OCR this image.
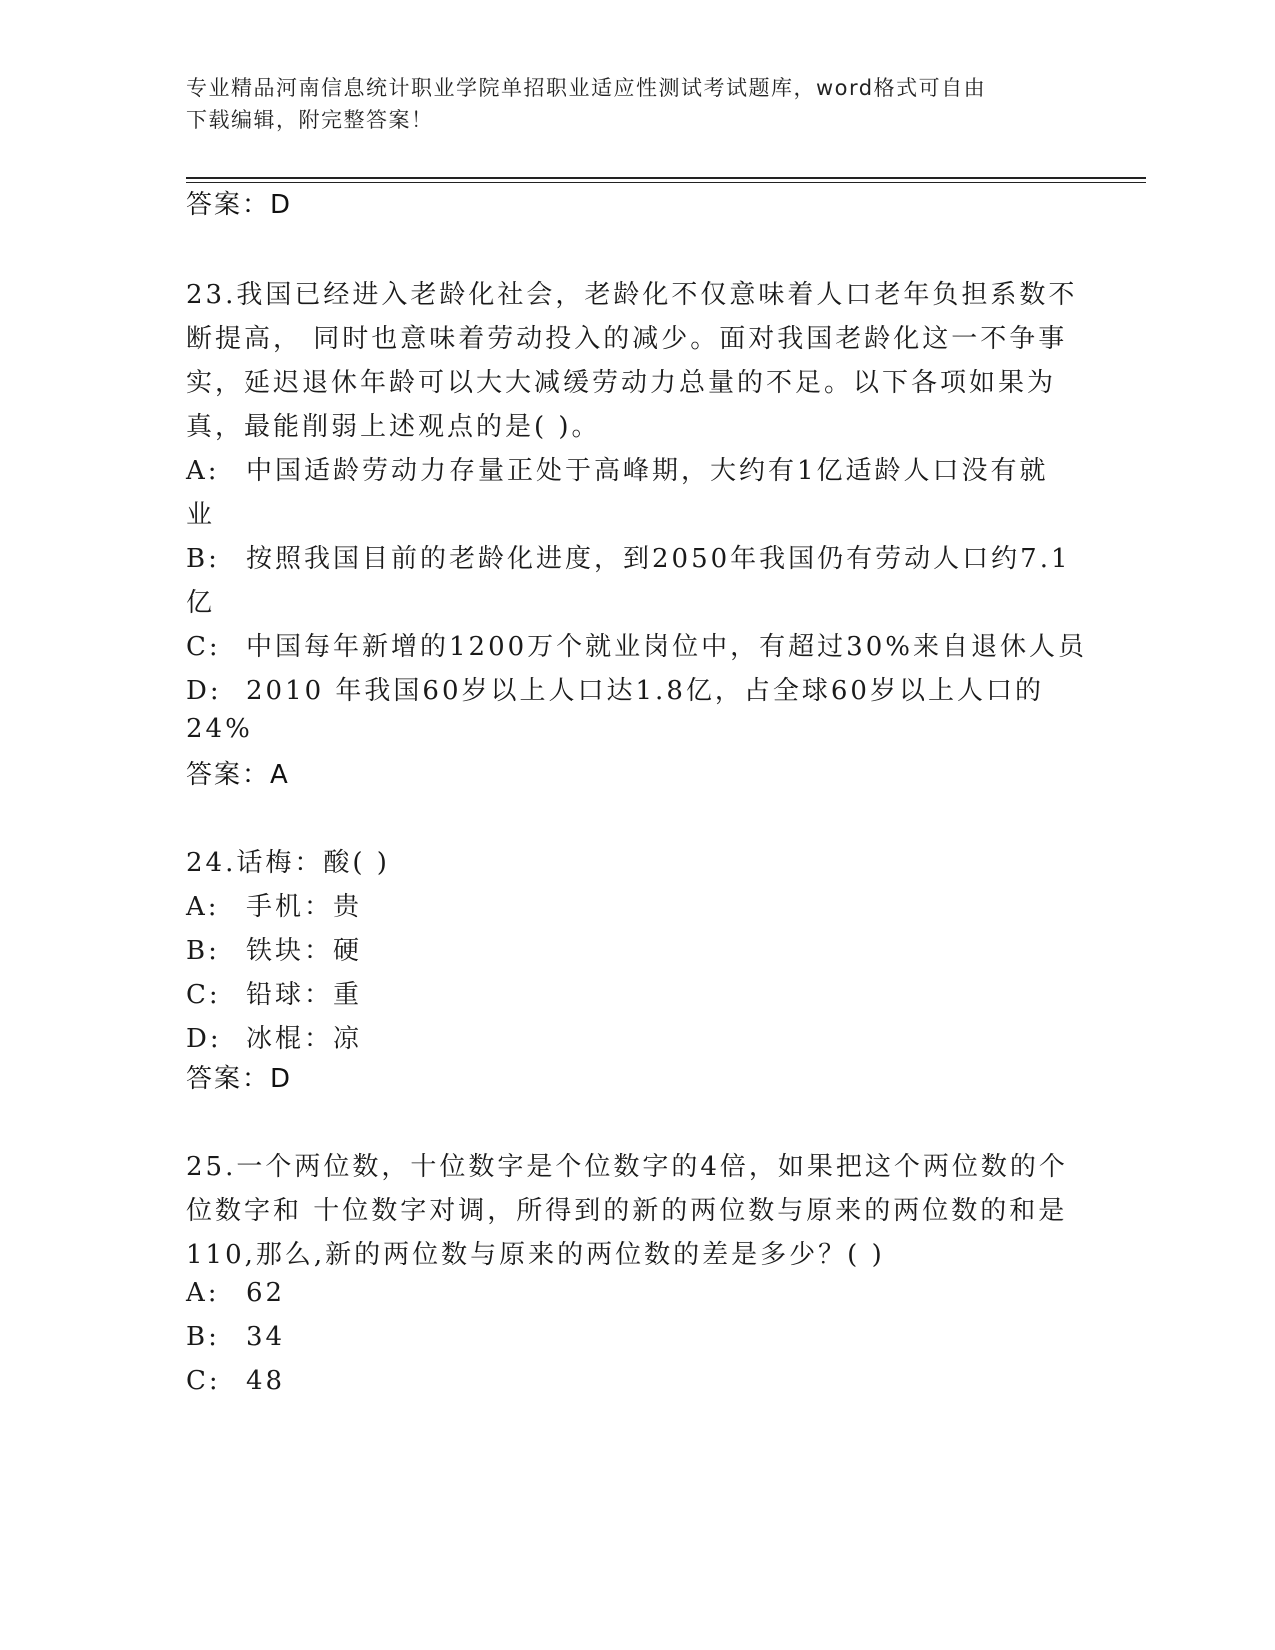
专业精品河南信息统计职业学院单招职业适应性测试考试题库，word格式可自由
下载编辑，附完整答案！
答案：D
23.我国已经进入老龄化社会，老龄化不仅意味着人口老年负担系数不
断提高， 同时也意味着劳动投入的减少。面对我国老龄化这一不争事
实，延迟退休年龄可以大大减缓劳动力总量的不足。以下各项如果为
真，最能削弱上述观点的是( )。
A: 中国适龄劳动力存量正处于高峰期，大约有1亿适龄人口没有就
业
B: 按照我国目前的老龄化进度，到2050年我国仍有劳动人口约7.1
亿
C: 中国每年新增的1200万个就业岗位中，有超过30%来自退休人员
D: 2010 年我国60岁以上人口达1.8亿，占全球60岁以上人口的
24%
答案：A
24.话梅：酸( )
A: 手机：贵
B: 铁块：硬
C: 铅球：重
D: 冰棍：凉
答案：D
25.一个两位数，十位数字是个位数字的4倍，如果把这个两位数的个
位数字和 十位数字对调，所得到的新的两位数与原来的两位数的和是
110,那么,新的两位数与原来的两位数的差是多少？( )
A: 62
B: 34
C: 48
